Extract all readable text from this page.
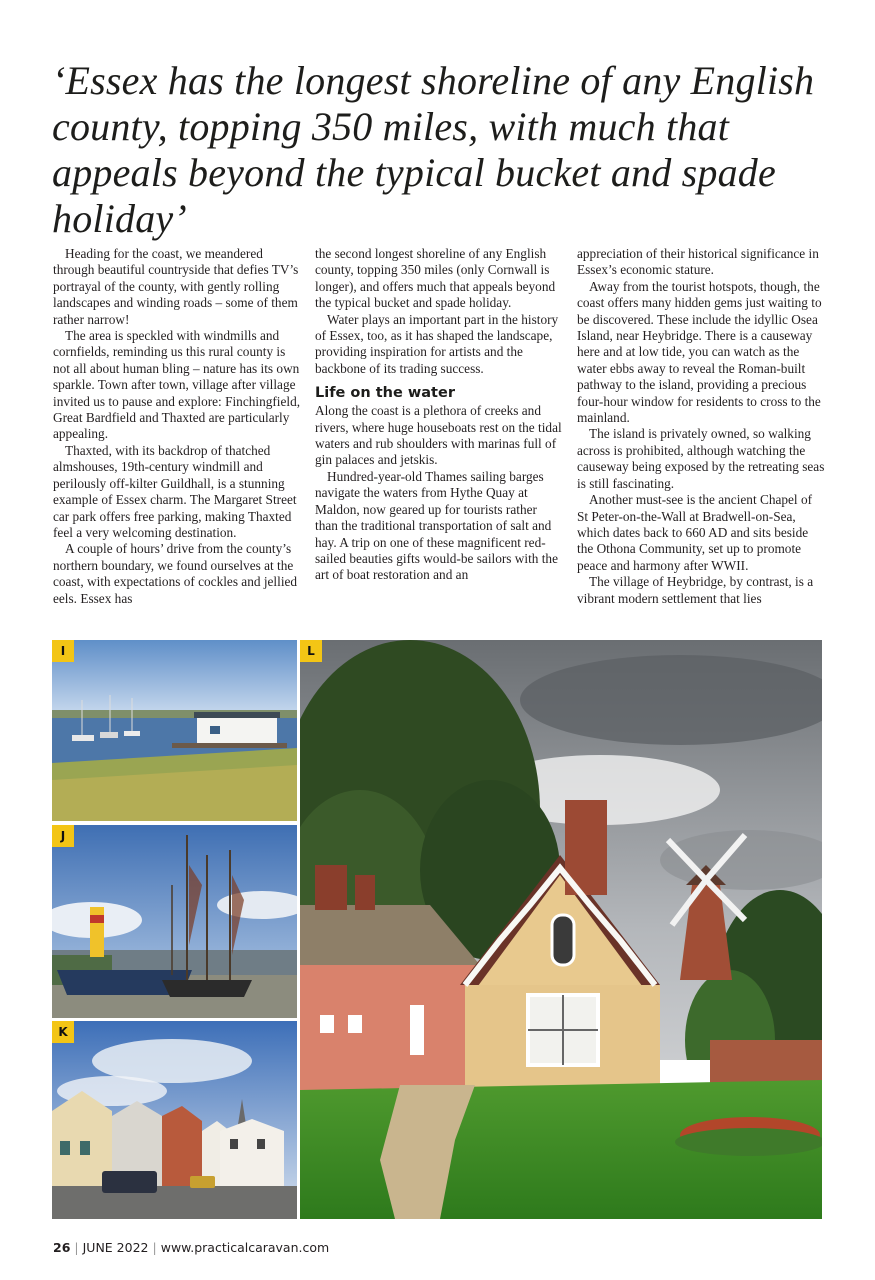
‘Essex has the longest shoreline of any English county, topping 350 miles, with much that appeals beyond the typical bucket and spade holiday’

Heading for the coast, we meandered through beautiful countryside that defies TV’s portrayal of the county, with gently rolling landscapes and winding roads – some of them rather narrow!

The area is speckled with windmills and cornfields, reminding us this rural county is not all about human bling – nature has its own sparkle. Town after town, village after village invited us to pause and explore: Finchingfield, Great Bardfield and Thaxted are particularly appealing.

Thaxted, with its backdrop of thatched almshouses, 19th-century windmill and perilously off-kilter Guildhall, is a stunning example of Essex charm. The Margaret Street car park offers free parking, making Thaxted feel a very welcoming destination.

A couple of hours’ drive from the county’s northern boundary, we found ourselves at the coast, with expectations of cockles and jellied eels. Essex has

the second longest shoreline of any English county, topping 350 miles (only Cornwall is longer), and offers much that appeals beyond the typical bucket and spade holiday.

Water plays an important part in the history of Essex, too, as it has shaped the landscape, providing inspiration for artists and the backbone of its trading success.

Life on the water

Along the coast is a plethora of creeks and rivers, where huge houseboats rest on the tidal waters and rub shoulders with marinas full of gin palaces and jetskis.

Hundred-year-old Thames sailing barges navigate the waters from Hythe Quay at Maldon, now geared up for tourists rather than the traditional transportation of salt and hay. A trip on one of these magnificent red-sailed beauties gifts would-be sailors with the art of boat restoration and an

appreciation of their historical significance in Essex’s economic stature.

Away from the tourist hotspots, though, the coast offers many hidden gems just waiting to be discovered. These include the idyllic Osea Island, near Heybridge. There is a causeway here and at low tide, you can watch as the water ebbs away to reveal the Roman-built pathway to the island, providing a precious four-hour window for residents to cross to the mainland.

The island is privately owned, so walking across is prohibited, although watching the causeway being exposed by the retreating seas is still fascinating.

Another must-see is the ancient Chapel of St Peter-on-the-Wall at Bradwell-on-Sea, which dates back to 660 AD and sits beside the Othona Community, set up to promote peace and harmony after WWII.

The village of Heybridge, by contrast, is a vibrant modern settlement that lies

I
J
K
L
26 | JUNE 2022 | www.practicalcaravan.com
